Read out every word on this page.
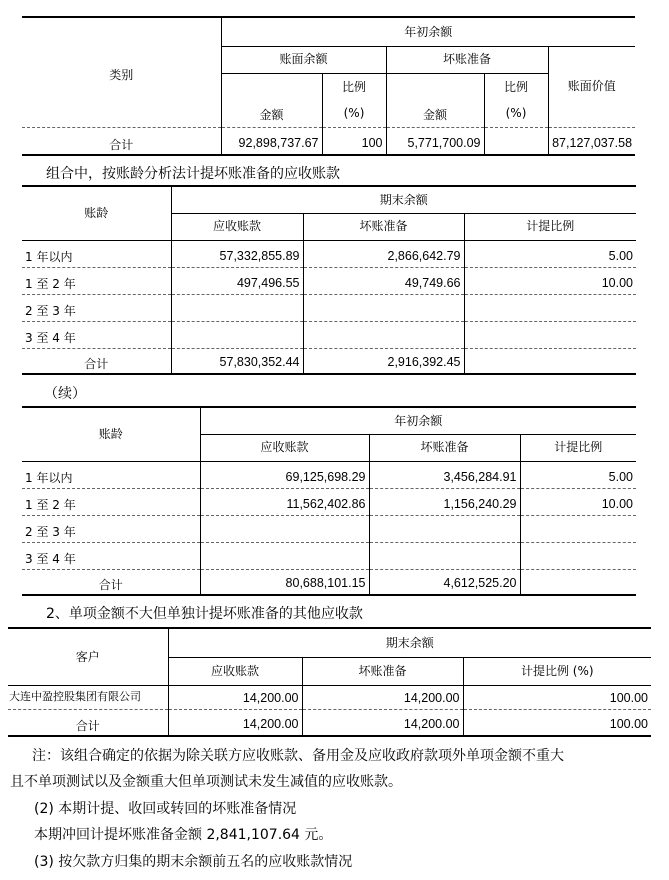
类别	年初余额				
	账面余额		坏账准备		账面价值
	金额	比例	金额	比例	
		(%)		(%)	
合计	92,898,737.67	100	5,771,700.09		87,127,037.58
组合中，按账龄分析法计提坏账准备的应收账款
账龄	期末余额		
	应收账款	坏账准备	计提比例
1 年以内	57,332,855.89	2,866,642.79	5.00
1 至 2 年	497,496.55	49,749.66	10.00
2 至 3 年			
3 至 4 年			
合计	57,830,352.44	2,916,392.45	
（续）
账龄	年初余额		
	应收账款	坏账准备	计提比例
1 年以内	69,125,698.29	3,456,284.91	5.00
1 至 2 年	11,562,402.86	1,156,240.29	10.00
2 至 3 年			
3 至 4 年			
合计	80,688,101.15	4,612,525.20	
2、单项金额不大但单独计提坏账准备的其他应收款
客户	期末余额		
	应收账款	坏账准备	计提比例 (%)
大连中盈控股集团有限公司	14,200.00	14,200.00	100.00
合计	14,200.00	14,200.00	100.00
注：该组合确定的依据为除关联方应收账款、备用金及应收政府款项外单项金额不重大
且不单项测试以及金额重大但单项测试未发生减值的应收账款。
(2) 本期计提、收回或转回的坏账准备情况
本期冲回计提坏账准备金额 2,841,107.64 元。
(3) 按欠款方归集的期末余额前五名的应收账款情况
